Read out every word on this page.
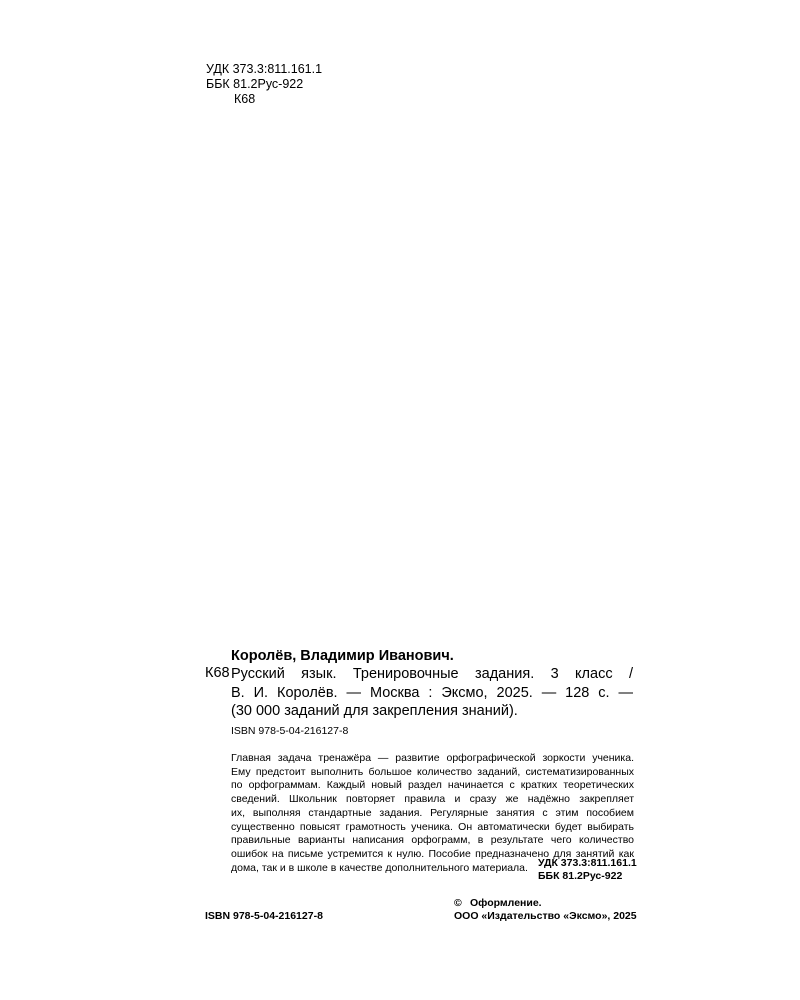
УДК 373.3:811.161.1
ББК 81.2Рус-922
К68
Королёв, Владимир Иванович.
К68 Русский язык. Тренировочные задания. 3 класс /
В. И. Королёв. — Москва : Эксмо, 2025. — 128 с. —
(30 000 заданий для закрепления знаний).
ISBN 978-5-04-216127-8
Главная задача тренажёра — развитие орфографической зоркости ученика.
Ему предстоит выполнить большое количество заданий, систематизированных
по орфограммам. Каждый новый раздел начинается с кратких теоретических
сведений. Школьник повторяет правила и сразу же надёжно закрепляет
их, выполняя стандартные задания. Регулярные занятия с этим пособием
существенно повысят грамотность ученика. Он автоматически будет выбирать
правильные варианты написания орфограмм, в результате чего количество
ошибок на письме устремится к нулю. Пособие предназначено для занятий как
дома, так и в школе в качестве дополнительного материала. УДК 373.3:811.161.1
ББК 81.2Рус-922
ISBN 978-5-04-216127-8
© Оформление.
ООО «Издательство «Эксмо», 2025
